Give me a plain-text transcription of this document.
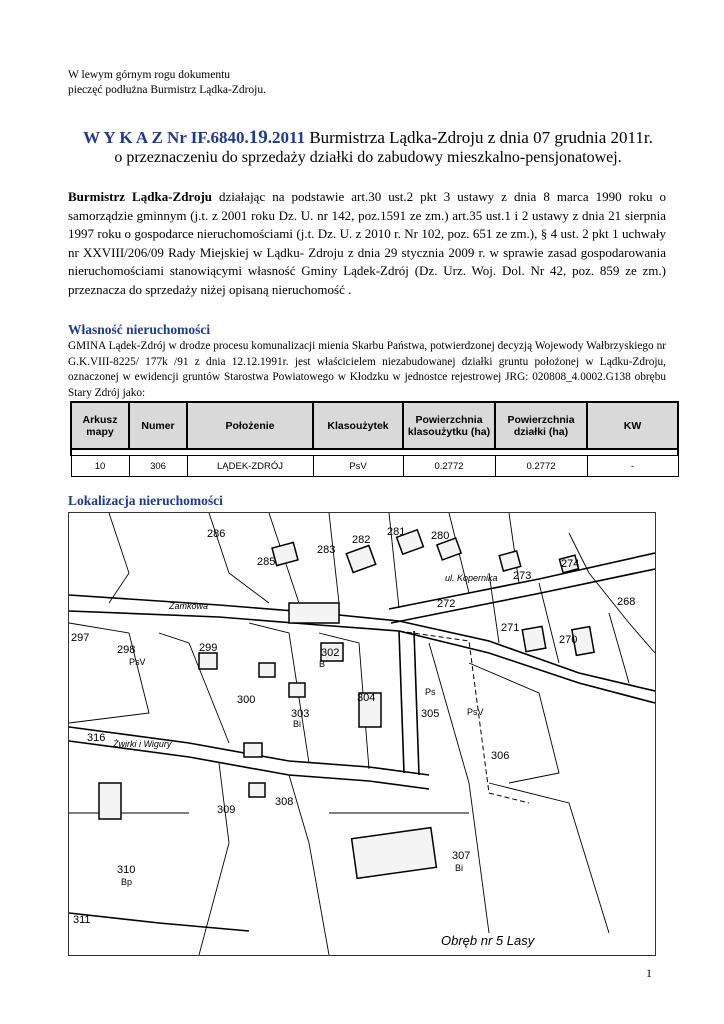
W lewym górnym rogu dokumentu
pieczęć podłużna Burmistrz Lądka-Zdroju.
W Y K A Z Nr IF.6840.19.2011 Burmistrza Lądka-Zdroju z dnia 07 grudnia 2011r.
o przeznaczeniu do sprzedaży działki do zabudowy mieszkalno-pensjonatowej.
Burmistrz Lądka-Zdroju działając na podstawie art.30 ust.2 pkt 3 ustawy z dnia 8 marca 1990 roku o samorządzie gminnym (j.t. z 2001 roku Dz. U. nr 142, poz.1591 ze zm.) art.35 ust.1 i 2 ustawy z dnia 21 sierpnia 1997 roku o gospodarce nieruchomościami (j.t. Dz. U. z 2010 r. Nr 102, poz. 651 ze zm.), § 4 ust. 2 pkt 1 uchwały nr XXVIII/206/09 Rady Miejskiej w Lądku- Zdroju z dnia 29 stycznia 2009 r. w sprawie zasad gospodarowania nieruchomościami stanowiącymi własność Gminy Lądek-Zdrój (Dz. Urz. Woj. Dol. Nr 42, poz. 859 ze zm.) przeznacza do sprzedaży niżej opisaną nieruchomość .
Własność nieruchomości
GMINA Lądek-Zdrój w drodze procesu komunalizacji mienia Skarbu Państwa, potwierdzonej decyzją Wojewody Wałbrzyskiego nr G.K.VIII-8225/ 177k /91 z dnia 12.12.1991r. jest właścicielem niezabudowanej działki gruntu położonej w Lądku-Zdroju, oznaczonej w ewidencji gruntów Starostwa Powiatowego w Kłodzku w jednostce rejestrowej JRG: 020808_4.0002.G138 obrębu Stary Zdrój jako:
Arkusz mapy	Numer	Położenie	Klasoużytek	Powierzchnia klasoużytku (ha)	Powierzchnia działki (ha)	KW

10	306	LĄDEK-ZDRÓJ	PsV	0.2772	0.2772	-
Lokalizacja nieruchomości
286
285
283
282
281 280
274
273
272
271
270
268
297
298	299
300
302
303
304
305
306
307
308
309
310
311
316
Zamkowa
Żwirki i Wigury
ul. Kopernika
PsV
Ps
PsV
B
Bi
Bp
Bi
Obręb nr 5 Lasy
1
